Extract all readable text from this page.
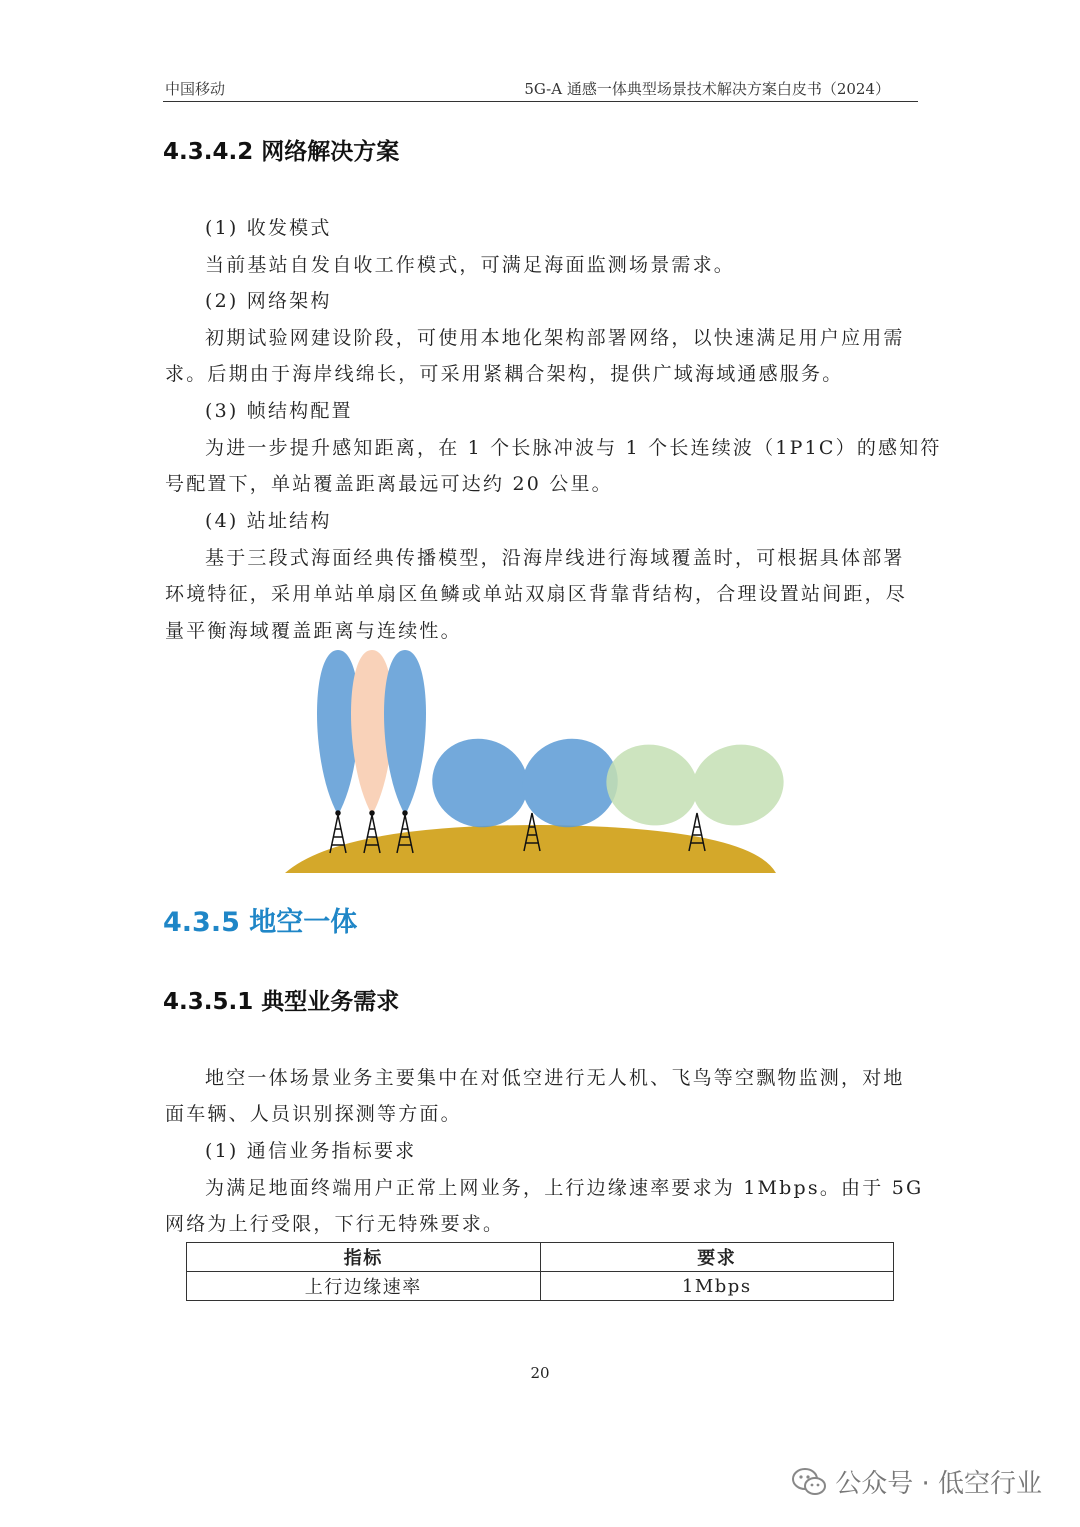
中国移动	5G-A 通感一体典型场景技术解决方案白皮书（2024）
4.3.4.2 网络解决方案
(1) 收发模式
当前基站自发自收工作模式，可满足海面监测场景需求。
(2) 网络架构
初期试验网建设阶段，可使用本地化架构部署网络，以快速满足用户应用需
求。后期由于海岸线绵长，可采用紧耦合架构，提供广域海域通感服务。
(3) 帧结构配置
为进一步提升感知距离，在 1 个长脉冲波与 1 个长连续波（1P1C）的感知符
号配置下，单站覆盖距离最远可达约 20 公里。
(4) 站址结构
基于三段式海面经典传播模型，沿海岸线进行海域覆盖时，可根据具体部署
环境特征，采用单站单扇区鱼鳞或单站双扇区背靠背结构，合理设置站间距，尽
量平衡海域覆盖距离与连续性。
4.3.5 地空一体
4.3.5.1 典型业务需求
地空一体场景业务主要集中在对低空进行无人机、飞鸟等空飘物监测，对地
面车辆、人员识别探测等方面。
(1) 通信业务指标要求
为满足地面终端用户正常上网业务，上行边缘速率要求为 1Mbps。由于 5G
网络为上行受限，下行无特殊要求。
指标	要求
上行边缘速率	1Mbps
20
公众号 · 低空行业
